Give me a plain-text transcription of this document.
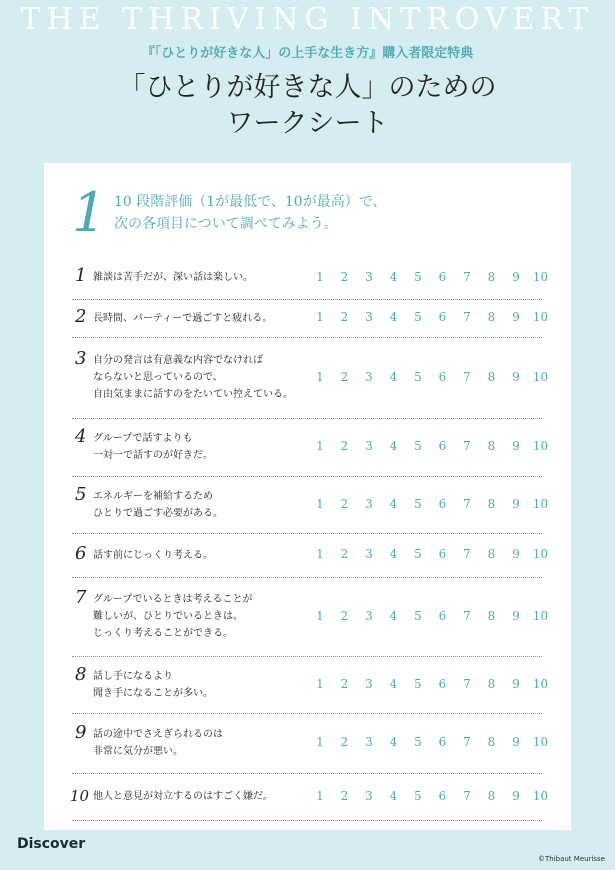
THE THRIVING INTROVERT
『「ひとりが好きな人」の上手な生き方』購入者限定特典
「ひとりが好きな人」のための
ワークシート
1 10 段階評価（1が最低で、10が最高）で、
次の各項目について調べてみよう。
1 雑談は苦手だが、深い話は楽しい。	1	2	3	4	5	6	7	8	9	10
2 長時間、パーティーで過ごすと疲れる。	1	2	3	4	5	6	7	8	9	10
3 自分の発言は有意義な内容でなければ
ならないと思っているので、
自由気ままに話すのをたいてい控えている。
1	2	3	4	5	6	7	8	9	10
4 グループで話すよりも
一対一で話すのが好きだ。
1	2	3	4	5	6	7	8	9	10
5 エネルギーを補給するため
ひとりで過ごす必要がある。
1	2	3	4	5	6	7	8	9	10
6 話す前にじっくり考える。	1	2	3	4	5	6	7	8	9	10
7 グループでいるときは考えることが
難しいが、ひとりでいるときは、
じっくり考えることができる。
1	2	3	4	5	6	7	8	9	10
8 話し手になるより
聞き手になることが多い。
1	2	3	4	5	6	7	8	9	10
9 話の途中でさえぎられるのは
非常に気分が悪い。
1	2	3	4	5	6	7	8	9	10
10 他人と意見が対立するのはすごく嫌だ。	1	2	3	4	5	6	7	8	9	10
Discover
©Thibaut Meurisse
